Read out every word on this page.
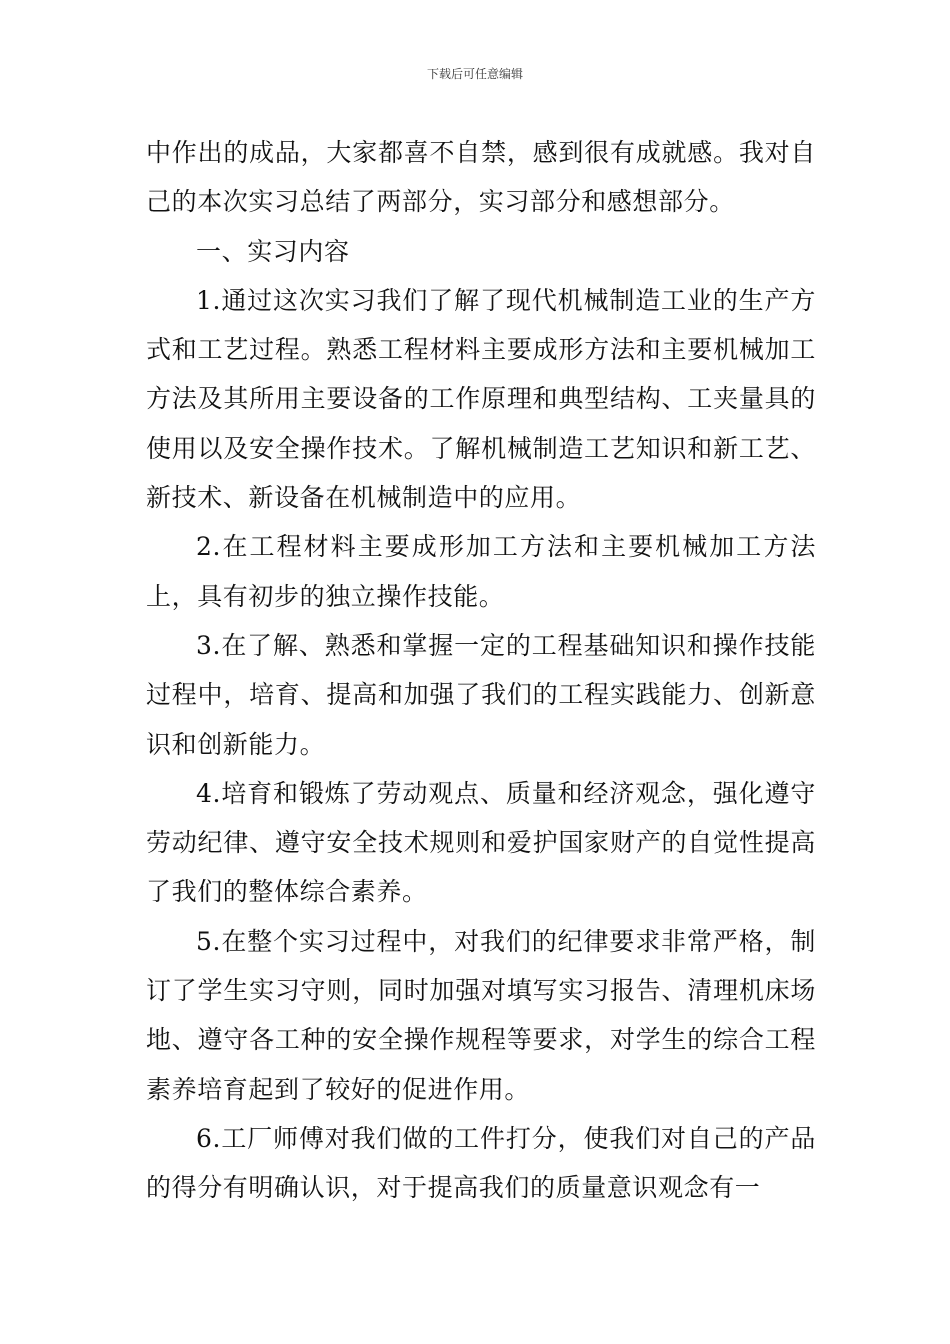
下载后可任意编辑

中作出的成品，大家都喜不自禁，感到很有成就感。我对自己的本次实习总结了两部分，实习部分和感想部分。

一、实习内容

1.通过这次实习我们了解了现代机械制造工业的生产方式和工艺过程。熟悉工程材料主要成形方法和主要机械加工方法及其所用主要设备的工作原理和典型结构、工夹量具的使用以及安全操作技术。了解机械制造工艺知识和新工艺、新技术、新设备在机械制造中的应用。

2.在工程材料主要成形加工方法和主要机械加工方法上，具有初步的独立操作技能。

3.在了解、熟悉和掌握一定的工程基础知识和操作技能过程中，培育、提高和加强了我们的工程实践能力、创新意识和创新能力。

4.培育和锻炼了劳动观点、质量和经济观念，强化遵守劳动纪律、遵守安全技术规则和爱护国家财产的自觉性提高了我们的整体综合素养。

5.在整个实习过程中，对我们的纪律要求非常严格，制订了学生实习守则，同时加强对填写实习报告、清理机床场地、遵守各工种的安全操作规程等要求，对学生的综合工程素养培育起到了较好的促进作用。

6.工厂师傅对我们做的工件打分，使我们对自己的产品的得分有明确认识，对于提高我们的质量意识观念有一
